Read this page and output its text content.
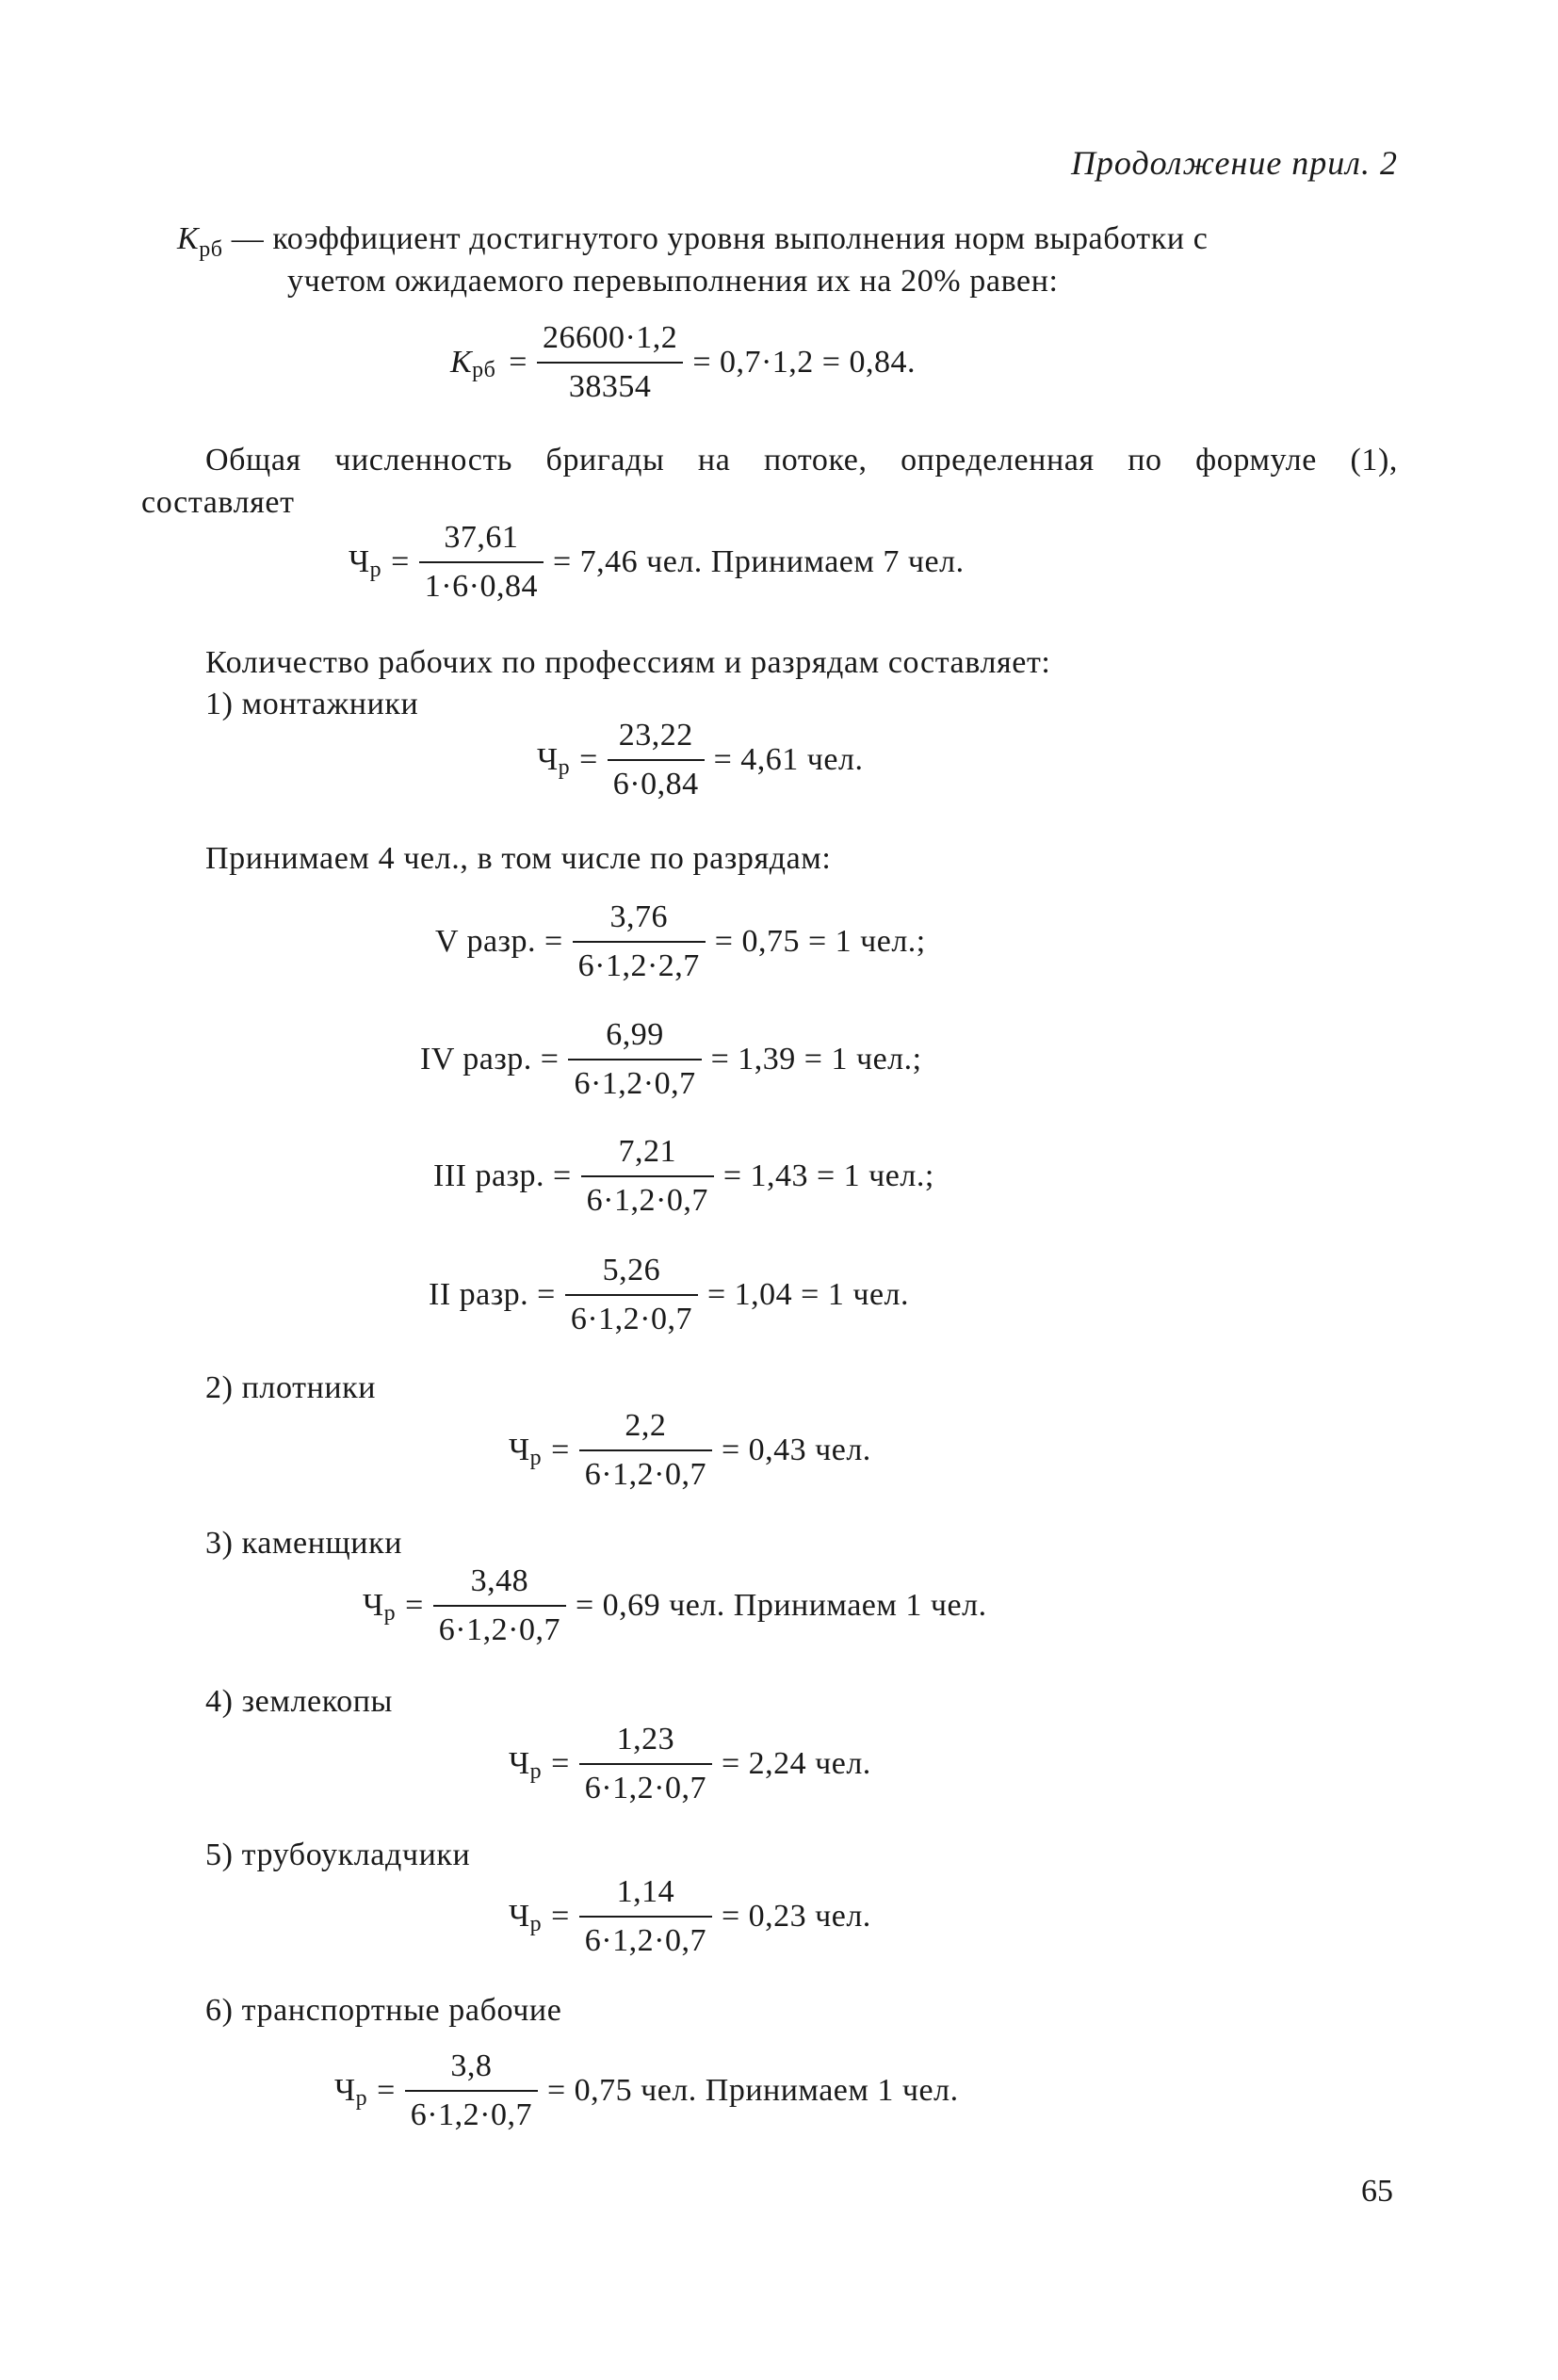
Продолжение прил. 2
$К_{рб}$ — коэффициент достигнутого уровня выполнения норм выработки с
учетом ожидаемого перевыполнения их на 20% равен:
К рб = $\frac{26600\cdot 1,2}{38354} = 0,7\cdot 1,2 = 0,84$.
Общая численность бригады на потоке, определенная по формуле (1),
составляет
Ч $р = \frac{37,61}{1\cdot 6\cdot 0,84} = 7,46$ чел. Принимаем 7 чел.
Количество рабочих по профессиям и разрядам составляет:
1) монтажники
Ч $р = \frac{23,22}{6\cdot 0,84} = 4,61$ чел.
Принимаем 4 чел., в том числе по разрядам:
V разр. = $\frac{3,76}{6\cdot 1,2\cdot 2,7} = 0,75 = 1$ чел.;
IV разр. = $\frac{6,99}{6\cdot 1,2\cdot 0,7} = 1,39 = 1$ чел.;
III разр. = $\frac{7,21}{6\cdot 1,2\cdot 0,7} = 1,43 = 1$ чел.;
II разр. = $\frac{5,26}{6\cdot 1,2\cdot 0,7} = 1,04 = 1$ чел.
2) плотники
Ч $р = \frac{2,2}{6\cdot 1,2\cdot 0,7} = 0,43$ чел.
3) каменщики
Ч $р = \frac{3,48}{6\cdot 1,2\cdot 0,7} = 0,69$ чел. Принимаем 1 чел.
4) землекопы
Ч $р = \frac{1,23}{6\cdot 1,2\cdot 0,7} = 2,24$ чел.
5) трубоукладчики
Ч $р = \frac{1,14}{6\cdot 1,2\cdot 0,7} = 0,23$ чел.
6) транспортные рабочие
Ч $р = \frac{3,8}{6\cdot 1,2\cdot 0,7} = 0,75$ чел. Принимаем 1 чел.
65
